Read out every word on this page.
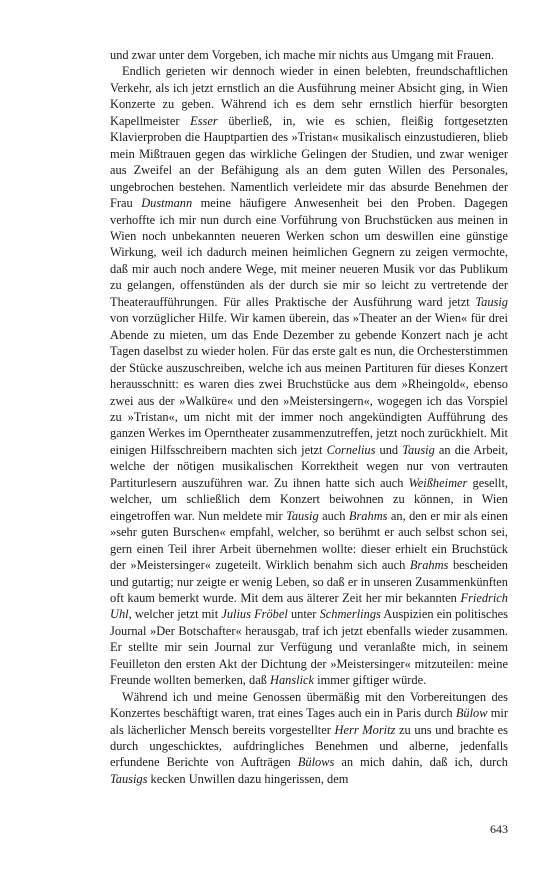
und zwar unter dem Vorgeben, ich mache mir nichts aus Umgang mit Frauen.

Endlich gerieten wir dennoch wieder in einen belebten, freundschaftlichen Verkehr, als ich jetzt ernstlich an die Ausführung meiner Absicht ging, in Wien Konzerte zu geben. Während ich es dem sehr ernstlich hierfür besorgten Kapellmeister Esser überließ, in, wie es schien, fleißig fortgesetzten Klavierproben die Hauptpartien des »Tristan« musikalisch einzustudieren, blieb mein Mißtrauen gegen das wirkliche Gelingen der Studien, und zwar weniger aus Zweifel an der Befähigung als an dem guten Willen des Personales, ungebrochen bestehen. Namentlich verleidete mir das absurde Benehmen der Frau Dustmann meine häufigere Anwesenheit bei den Proben. Dagegen verhoffte ich mir nun durch eine Vorführung von Bruchstücken aus meinen in Wien noch unbekannten neueren Werken schon um deswillen eine günstige Wirkung, weil ich dadurch meinen heimlichen Gegnern zu zeigen vermochte, daß mir auch noch andere Wege, mit meiner neueren Musik vor das Publikum zu gelangen, offenstünden als der durch sie mir so leicht zu vertretende der Theateraufführungen. Für alles Praktische der Ausführung ward jetzt Tausig von vorzüglicher Hilfe. Wir kamen überein, das »Theater an der Wien« für drei Abende zu mieten, um das Ende Dezember zu gebende Konzert nach je acht Tagen daselbst zu wieder holen. Für das erste galt es nun, die Orchesterstimmen der Stücke auszuschreiben, welche ich aus meinen Partituren für dieses Konzert herausschnitt: es waren dies zwei Bruchstücke aus dem »Rheingold«, ebenso zwei aus der »Walküre« und den »Meistersingern«, wogegen ich das Vorspiel zu »Tristan«, um nicht mit der immer noch angekündigten Aufführung des ganzen Werkes im Operntheater zusammenzutreffen, jetzt noch zurückhielt. Mit einigen Hilfsschreibern machten sich jetzt Cornelius und Tausig an die Arbeit, welche der nötigen musikalischen Korrektheit wegen nur von vertrauten Partiturlesern auszuführen war. Zu ihnen hatte sich auch Weißheimer gesellt, welcher, um schließlich dem Konzert beiwohnen zu können, in Wien eingetroffen war. Nun meldete mir Tausig auch Brahms an, den er mir als einen »sehr guten Burschen« empfahl, welcher, so berühmt er auch selbst schon sei, gern einen Teil ihrer Arbeit übernehmen wollte: dieser erhielt ein Bruchstück der »Meistersinger« zugeteilt. Wirklich benahm sich auch Brahms bescheiden und gutartig; nur zeigte er wenig Leben, so daß er in unseren Zusammenkünften oft kaum bemerkt wurde. Mit dem aus älterer Zeit her mir bekannten Friedrich Uhl, welcher jetzt mit Julius Fröbel unter Schmerlings Auspizien ein politisches Journal »Der Botschafter« herausgab, traf ich jetzt ebenfalls wieder zusammen. Er stellte mir sein Journal zur Verfügung und veranlaßte mich, in seinem Feuilleton den ersten Akt der Dichtung der »Meistersinger« mitzuteilen: meine Freunde wollten bemerken, daß Hanslick immer giftiger würde.

Während ich und meine Genossen übermäßig mit den Vorbereitungen des Konzertes beschäftigt waren, trat eines Tages auch ein in Paris durch Bülow mir als lächerlicher Mensch bereits vorgestellter Herr Moritz zu uns und brachte es durch ungeschicktes, aufdringliches Benehmen und alberne, jedenfalls erfundene Berichte von Aufträgen Bülows an mich dahin, daß ich, durch Tausigs kecken Unwillen dazu hingerissen, dem

643
